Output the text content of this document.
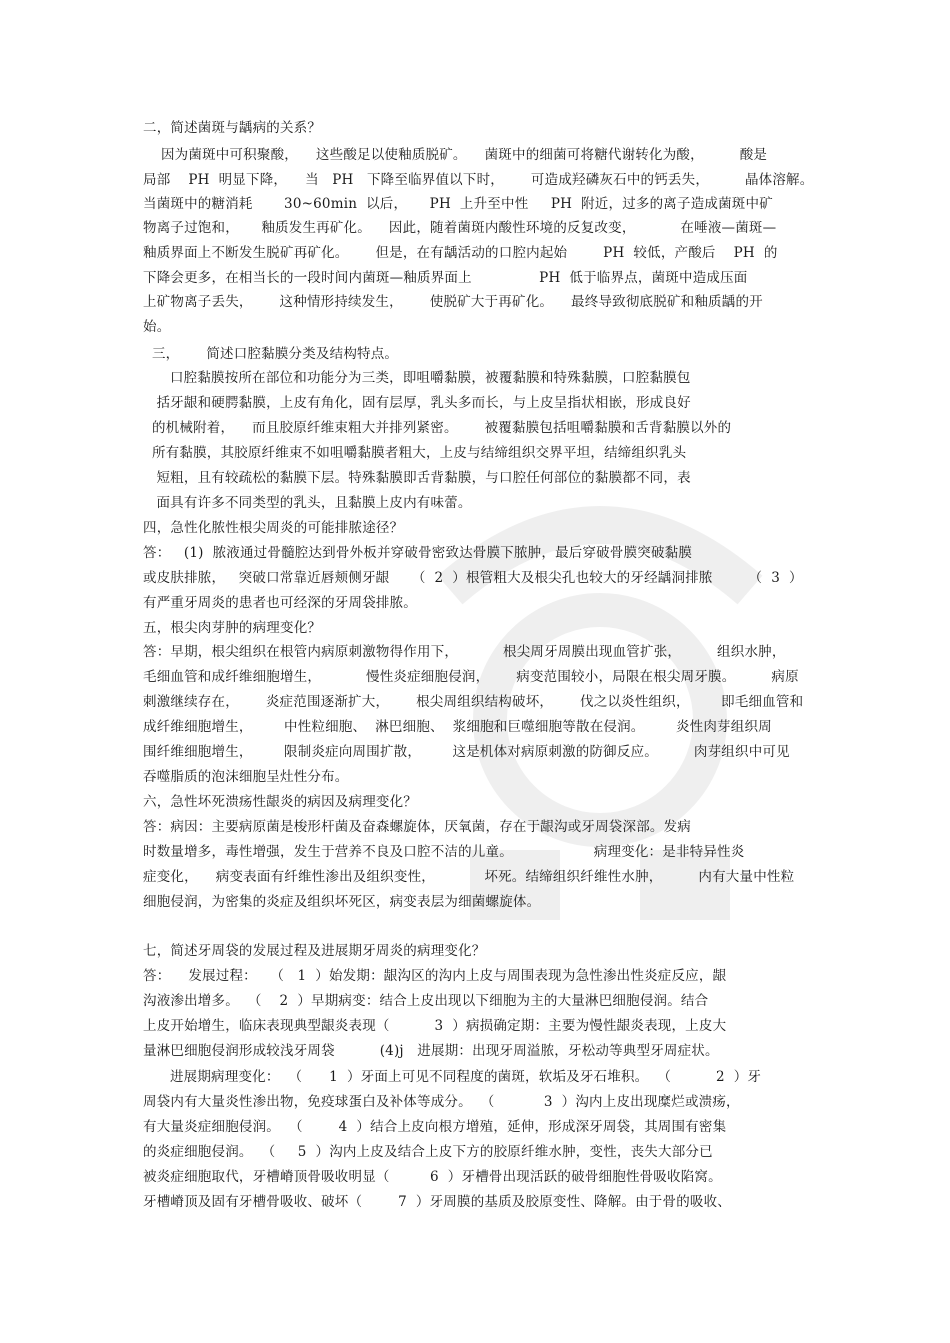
二，简述菌斑与龋病的关系？
因为菌斑中可积聚酸，    这些酸足以使釉质脱矿。    菌斑中的细菌可将糖代谢转化为酸，        酸是
局部    PH  明显下降，    当   PH   下降至临界值以下时，      可造成羟磷灰石中的钙丢失，        晶体溶解。
当菌斑中的糖消耗       30~60min  以后，     PH  上升至中性     PH  附近，过多的离子造成菌斑中矿
物离子过饱和，     釉质发生再矿化。    因此，随着菌斑内酸性环境的反复改变，          在唾液—菌斑—
釉质界面上不断发生脱矿再矿化。      但是，在有龋活动的口腔内起始        PH  较低，产酸后    PH  的
下降会更多，在相当长的一段时间内菌斑—釉质界面上               PH  低于临界点，菌斑中造成压面
上矿物离子丢失，      这种情形持续发生，      使脱矿大于再矿化。    最终导致彻底脱矿和釉质龋的开
始。
三，      简述口腔黏膜分类及结构特点。
口腔黏膜按所在部位和功能分为三类，即咀嚼黏膜，被覆黏膜和特殊黏膜，口腔黏膜包
括牙龈和硬腭黏膜，上皮有角化，固有层厚，乳头多而长，与上皮呈指状相嵌，形成良好
的机械附着，    而且胶原纤维束粗大并排列紧密。      被覆黏膜包括咀嚼黏膜和舌背黏膜以外的
所有黏膜，其胶原纤维束不如咀嚼黏膜者粗大，上皮与结缔组织交界平坦，结缔组织乳头
短粗，且有较疏松的黏膜下层。特殊黏膜即舌背黏膜，与口腔任何部位的黏膜都不同，表
面具有许多不同类型的乳头，且黏膜上皮内有味蕾。
四，急性化脓性根尖周炎的可能排脓途径？
答：   (1)  脓液通过骨髓腔达到骨外板并穿破骨密致达骨膜下脓肿，最后穿破骨膜突破黏膜
或皮肤排脓，   突破口常靠近唇颊侧牙龈     （  2  ）根管粗大及根尖孔也较大的牙经龋洞排脓        （  3  ）
有严重牙周炎的患者也可经深的牙周袋排脓。
五，根尖肉芽肿的病理变化？
答：早期，根尖组织在根管内病原刺激物得作用下，          根尖周牙周膜出现血管扩张，        组织水肿，
毛细血管和成纤维细胞增生，          慢性炎症细胞侵润，      病变范围较小，局限在根尖周牙膜。        病原
刺激继续存在，      炎症范围逐渐扩大，      根尖周组织结构破坏，      伐之以炎性组织，       即毛细血管和
成纤维细胞增生，       中性粒细胞、  淋巴细胞、  浆细胞和巨噬细胞等散在侵润。       炎性肉芽组织周
围纤维细胞增生，       限制炎症向周围扩散，       这是机体对病原刺激的防御反应。        肉芽组织中可见
吞噬脂质的泡沫细胞呈灶性分布。
六，急性坏死溃疡性龈炎的病因及病理变化？
答：病因：主要病原菌是梭形杆菌及奋森螺旋体，厌氧菌，存在于龈沟或牙周袋深部。发病
时数量增多，毒性增强，发生于营养不良及口腔不洁的儿童。                  病理变化：是非特异性炎
症变化，    病变表面有纤维性渗出及组织变性，           坏死。结缔组织纤维性水肿，        内有大量中性粒
细胞侵润，为密集的炎症及组织坏死区，病变表层为细菌螺旋体。
七，简述牙周袋的发展过程及进展期牙周炎的病理变化？
答：    发展过程：   （   1  ）始发期：龈沟区的沟内上皮与周围表现为急性渗出性炎症反应，龈
沟液渗出增多。  （    2  ）早期病变：结合上皮出现以下细胞为主的大量淋巴细胞侵润。结合
上皮开始增生，临床表现典型龈炎表现（          3  ）病损确定期：主要为慢性龈炎表现，上皮大
量淋巴细胞侵润形成较浅牙周袋          (4)j   进展期：出现牙周溢脓，牙松动等典型牙周症状。
进展期病理变化：  （      1  ）牙面上可见不同程度的菌斑，软垢及牙石堆积。  （          2  ）牙
周袋内有大量炎性渗出物，免疫球蛋白及补体等成分。  （           3  ）沟内上皮出现糜烂或溃疡，
有大量炎症细胞侵润。  （        4  ）结合上皮向根方增殖，延伸，形成深牙周袋，其周围有密集
的炎症细胞侵润。  （     5  ）沟内上皮及结合上皮下方的胶原纤维水肿，变性，丧失大部分已
被炎症细胞取代，牙槽嵴顶骨吸收明显（         6  ）牙槽骨出现活跃的破骨细胞性骨吸收陷窝。
牙槽嵴顶及固有牙槽骨吸收、破坏（        7  ）牙周膜的基质及胶原变性、降解。由于骨的吸收、
